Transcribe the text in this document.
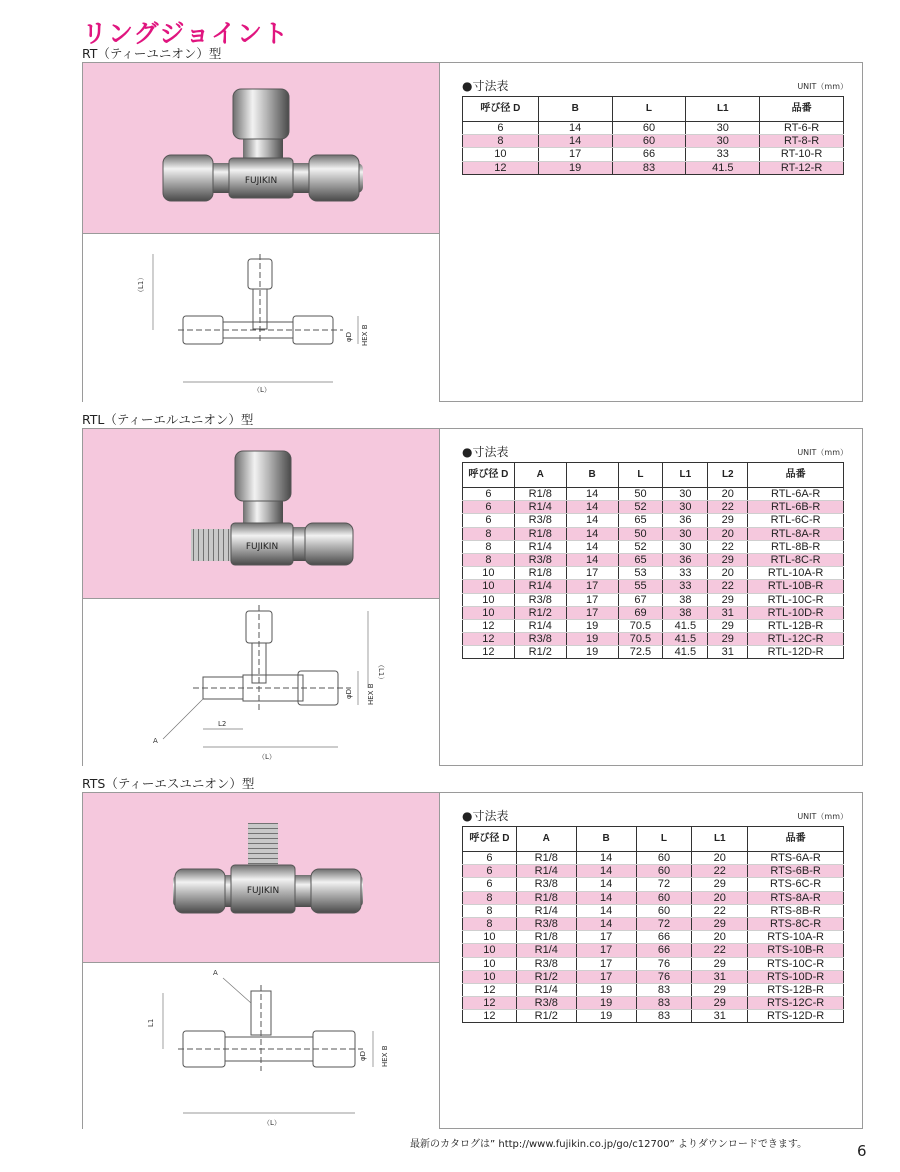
リングジョイント
RT（ティーユニオン）型
FUJIKIN
（L1）
（L）
φD HEX B
●寸法表	UNIT（mm）
呼び径 D	B	L	L1	品番
6	14	60	30	RT-6-R
8	14	60	30	RT-8-R
10	17	66	33	RT-10-R
12	19	83	41.5	RT-12-R
RTL（ティーエルユニオン）型
FUJIKIN
（L1）
（L）
L2
A
φD HEX B
●寸法表	UNIT（mm）
呼び径 D	A	B	L	L1	L2	品番
6	R1/8	14	50	30	20	RTL-6A-R
6	R1/4	14	52	30	22	RTL-6B-R
6	R3/8	14	65	36	29	RTL-6C-R
8	R1/8	14	50	30	20	RTL-8A-R
8	R1/4	14	52	30	22	RTL-8B-R
8	R3/8	14	65	36	29	RTL-8C-R
10	R1/8	17	53	33	20	RTL-10A-R
10	R1/4	17	55	33	22	RTL-10B-R
10	R3/8	17	67	38	29	RTL-10C-R
10	R1/2	17	69	38	31	RTL-10D-R
12	R1/4	19	70.5	41.5	29	RTL-12B-R
12	R3/8	19	70.5	41.5	29	RTL-12C-R
12	R1/2	19	72.5	41.5	31	RTL-12D-R
RTS（ティーエスユニオン）型
FUJIKIN
L1
（L）
A
φD HEX B
●寸法表	UNIT（mm）
呼び径 D	A	B	L	L1	品番
6	R1/8	14	60	20	RTS-6A-R
6	R1/4	14	60	22	RTS-6B-R
6	R3/8	14	72	29	RTS-6C-R
8	R1/8	14	60	20	RTS-8A-R
8	R1/4	14	60	22	RTS-8B-R
8	R3/8	14	72	29	RTS-8C-R
10	R1/8	17	66	20	RTS-10A-R
10	R1/4	17	66	22	RTS-10B-R
10	R3/8	17	76	29	RTS-10C-R
10	R1/2	17	76	31	RTS-10D-R
12	R1/4	19	83	29	RTS-12B-R
12	R3/8	19	83	29	RTS-12C-R
12	R1/2	19	83	31	RTS-12D-R
最新のカタログは” http://www.fujikin.co.jp/go/c12700” よりダウンロードできます。	6
